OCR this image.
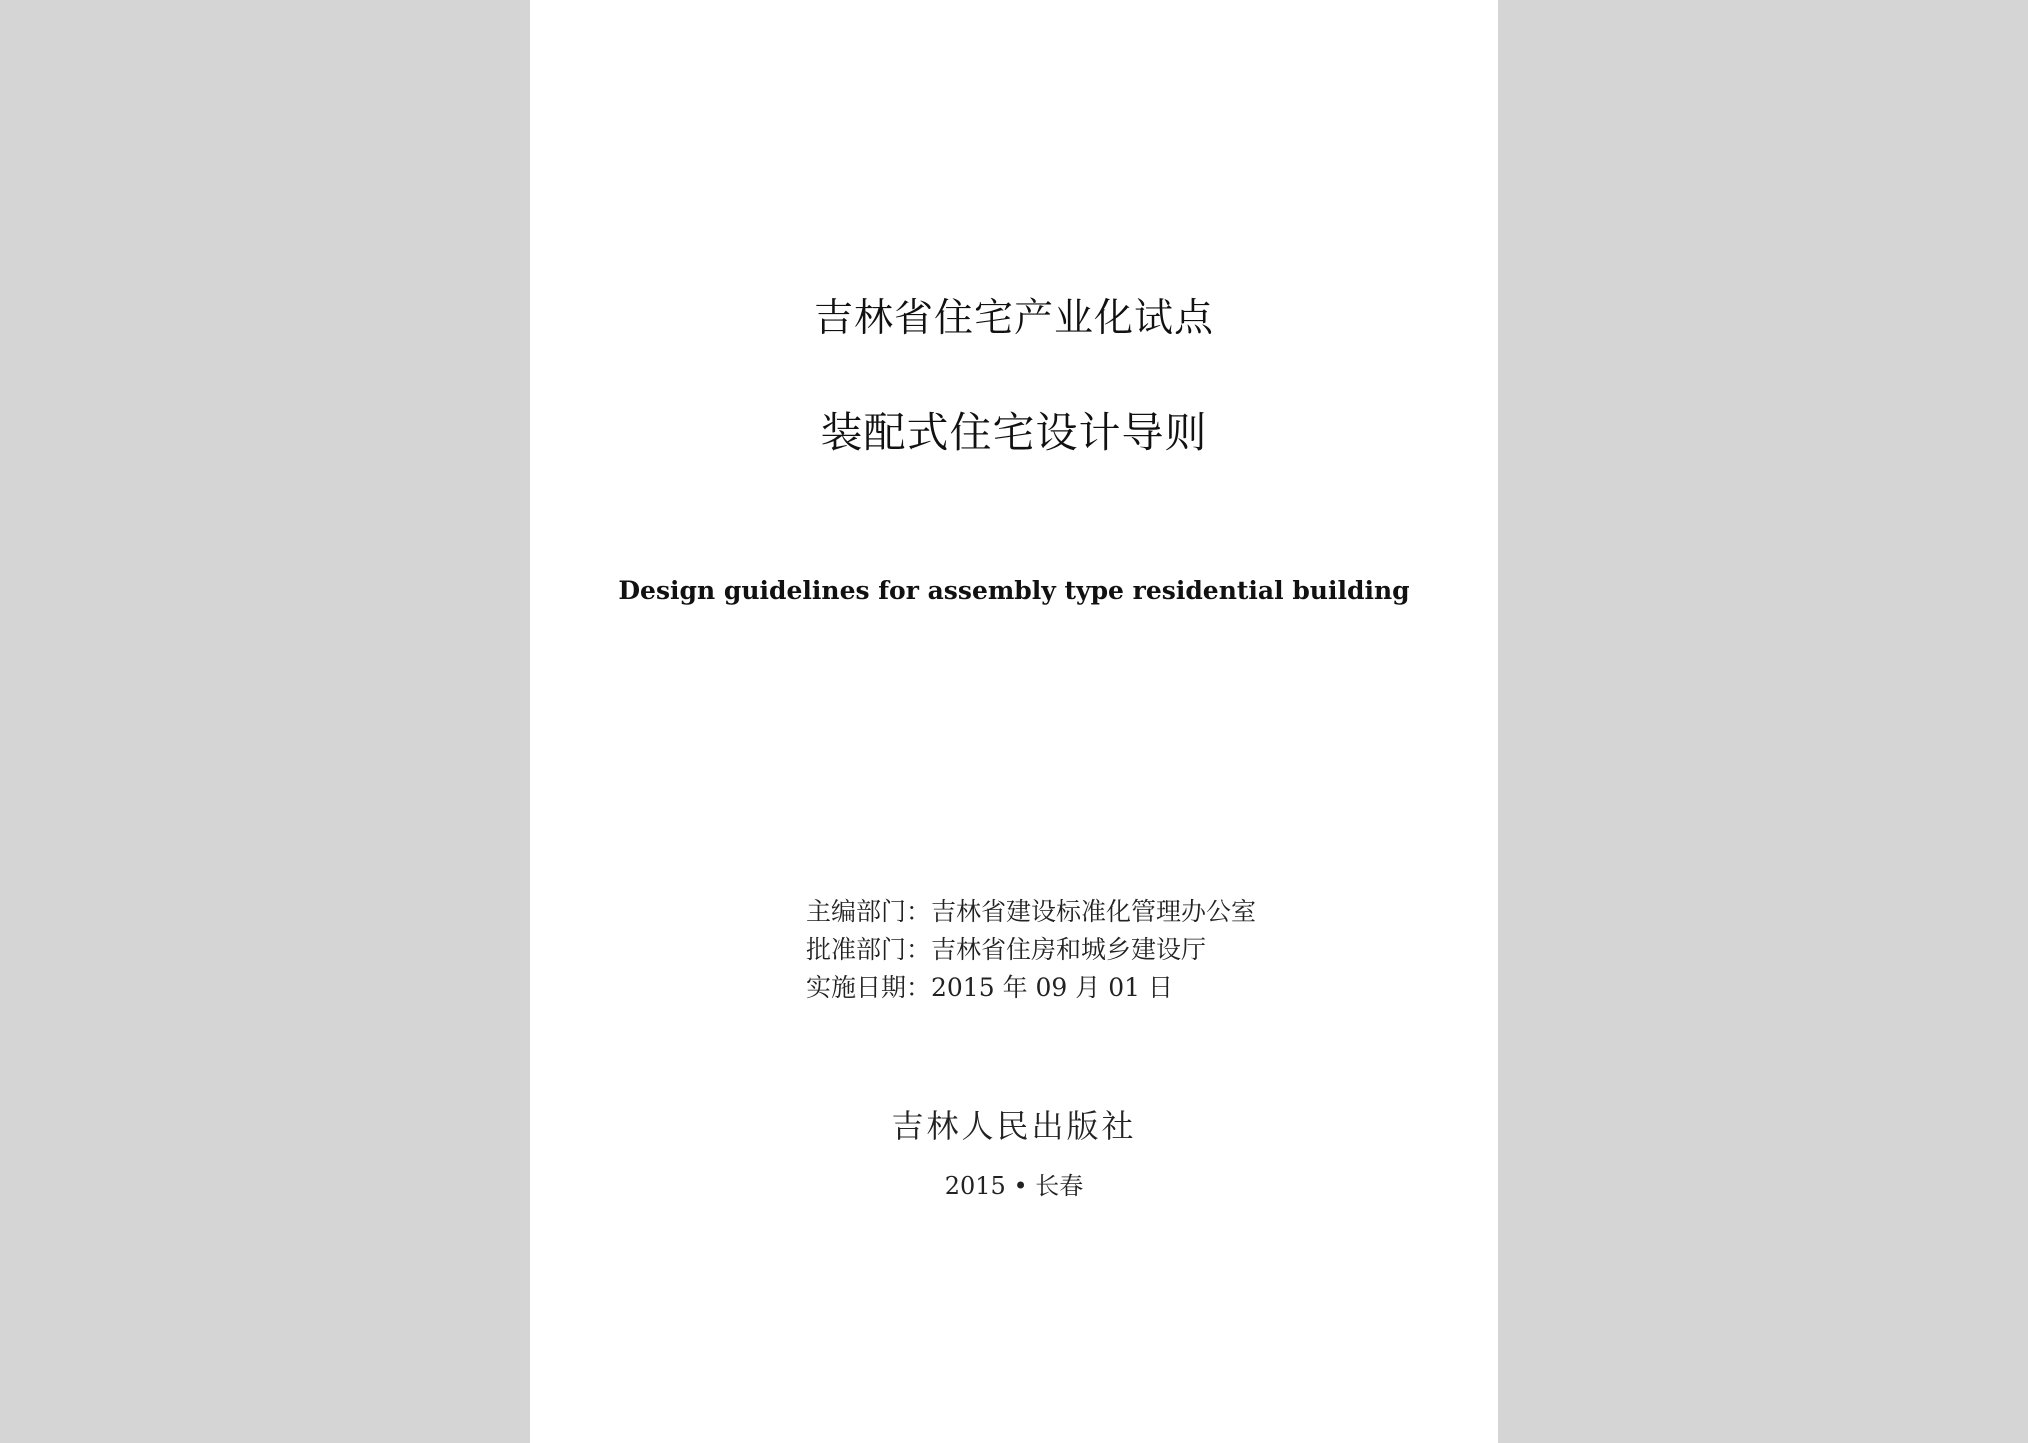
吉林省住宅产业化试点
装配式住宅设计导则
Design guidelines for assembly type residential building
主编部门：吉林省建设标准化管理办公室
批准部门：吉林省住房和城乡建设厅
实施日期：2015 年 09 月 01 日
吉林人民出版社
2015 • 长春
